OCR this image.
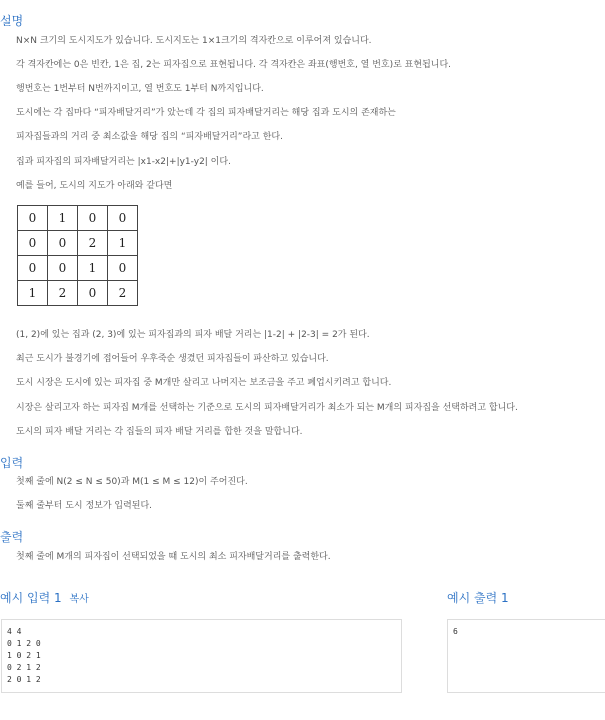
설명

N×N 크기의 도시지도가 있습니다. 도시지도는 1×1크기의 격자칸으로 이루어져 있습니다.

각 격자칸에는 0은 빈칸, 1은 집, 2는 피자집으로 표현됩니다. 각 격자칸은 좌표(행번호, 열 번호)로 표현됩니다.

행번호는 1번부터 N번까지이고, 열 번호도 1부터 N까지입니다.

도시에는 각 집마다 “피자배달거리”가 았는데 각 집의 피자배달거리는 해당 집과 도시의 존재하는

피자집들과의 거리 중 최소값을 해당 집의 “피자배달거리”라고 한다.

집과 피자집의 피자배달거리는 |x1-x2|+|y1-y2| 이다.

예를 들어, 도시의 지도가 아래와 같다면

0	1	0	0
0	0	2	1
0	0	1	0
1	2	0	2

(1, 2)에 있는 집과 (2, 3)에 있는 피자집과의 피자 배달 거리는 |1-2| + |2-3| = 2가 된다.

최근 도시가 불경기에 접어들어 우후죽순 생겼던 피자집들이 파산하고 있습니다.

도시 시장은 도시에 있는 피자집 중 M개만 살리고 나머지는 보조금을 주고 폐업시키려고 합니다.

시장은 살리고자 하는 피자집 M개를 선택하는 기준으로 도시의 피자배달거리가 최소가 되는 M개의 피자집을 선택하려고 합니다.

도시의 피자 배달 거리는 각 집들의 피자 배달 거리를 합한 것을 말합니다.

입력

첫째 줄에 N(2 ≤ N ≤ 50)과 M(1 ≤ M ≤ 12)이 주어진다.

둘째 줄부터 도시 정보가 입력된다.

출력

첫째 줄에 M개의 피자집이 선택되었을 때 도시의 최소 피자배달거리를 출력한다.

예시 입력 1 복사
4 4
0 1 2 0
1 0 2 1
0 2 1 2
2 0 1 2
예시 출력 1
6
